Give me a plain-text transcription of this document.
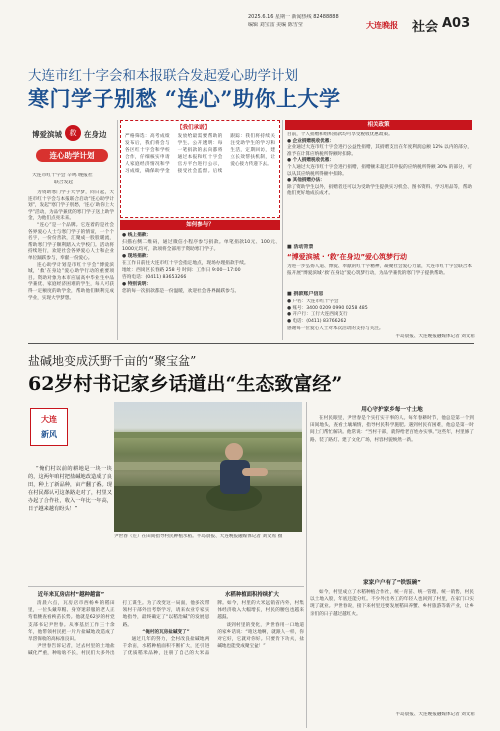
2025.6.16 星期一 新闻热线 82488888
编辑 刘宝雷 美编 陈雪莹	大连晚报	社会 A03
大连市红十字会和本报联合发起爱心助学计划
寒门学子别愁 “连心”助你上大学
博爱滨城	救	在身边
连心助学计划
大连市红十字会 辛鸣 晚报社
联合发起

为资助寒门学子大学梦，同日起，大连市红十字会与本报联合启动“连心助学计划”，发起“寒门学子别愁，‘连心’助你上大学”活动，为品学兼优的寒门学子送上助学金，为他们点亮未来。

“连心”是一个品牌。它连着的是社会各界爱心人士与寒门学子的情谊，一个个名字，一份份善款，汇聚成一股股暖流，帮助寒门学子顺利踏入大学校门。活动将持续进行，欢迎社会各界爱心人士和企业单位踊跃参与，奉献一份爱心。

连心助学计划是市红十字会“博爱滨城，‘救’在身边”爱心助学行动的重要项目。资助对象为本市应届高中毕业生中品学兼优、家庭经济困难的学生，每人可获得一定额度的助学金，帮助他们顺利完成学业，实现大学梦想。

【我们承诺】
严格筛选：高考成绩发布后，我们将会与各区红十字会和学校合作，仔细核实申请人家庭经济情况和学习成绩，确保助学金发放给最需要帮助的学生。公开透明：每一笔捐款的去向都将通过本报和红十字会官方平台进行公示，接受社会监督。后续跟踪：我们将持续关注受助学生的学习和生活，定期回访，建立长效帮扶机制，让爱心接力传递下去。
如何参与？
● 线上捐款：
扫描右侧二维码，通过微信小程序参与捐款。单笔捐款10元、100元、1000元均可，款项将全部用于资助寒门学子。
● 现场捐款：
在工作日前往大连市红十字会指定地点，现场办理捐款手续。
地址：西岗区长春路 258 号 时间：工作日 9:00－17:00
咨询电话：(0411) 83653266
● 特别说明：
您的每一次捐款都是一份温暖，欢迎社会各界踊跃参与。
相关政策

目前，个人捐赠和组织捐款均可享受税收优惠政策。

● 企业捐赠税收优惠：

企业通过大连市红十字会进行公益性捐赠，其捐赠支出在年度利润总额 12% 以内的部分，准予在计算应纳税所得额时扣除。

● 个人捐赠税收优惠：

个人通过大连市红十字会进行捐赠，捐赠额未超过其申报的应纳税所得额 30% 的部分，可以从其应纳税所得额中扣除。

● 其他捐赠办法：

除了资助学生以外，捐赠者还可以为受助学生提供实习机会、图书资料、学习用品等，帮助他们更好地成长成才。

■ 活动背景
“博爱滨城 · ‘救’在身边”爱心筑梦行动
为进一步弘扬人道、博爱、奉献的红十字精神，凝聚社会爱心力量，大连市红十字会联合本报开展“博爱滨城·‘救’在身边”爱心筑梦行动，为品学兼优的寒门学子提供帮助。
■ 捐款账户信息
● 户名：大连市红十字会
● 账号：3400 0209 0990 0258 485
● 开户行：工行大连西岗支行
● 电话：(0411) 83766262
感谢每一位爱心人士对本次活动的支持与关注。
半岛晨报、大连晚报融媒体记者 刘文希
盐碱地变成沃野千亩的“聚宝盆”
62岁村书记家乡话道出“生态致富经”
大连
新风
“俺们村以前的耕地是一块一块的，这两年咱村把盐碱地改造成了良田，种上了新品种，亩产翻了番。现在村民都认可这条路走对了，村里又办起了合作社，收入一年比一年高，日子越来越有盼头！”
尹世春（左）在田间指导村民种植水稻。半岛晨报、大连晚报融媒体记者 刘文希 摄
用心守护家乡每一寸土地
在村民眼里，尹世春是个实打实干事的人。每年春耕时节，他总是第一个到田间地头，查看土壤墒情，指导村民科学施肥。遇到村民有困难，他总是第一时间上门帮忙解决。他常说：“当村干部，就得给老百姓办实事。”这些年，村里修了路、装了路灯、建了文化广场，村容村貌焕然一新。
家家户户有了“铁饭碗”
如今，村里成立了水稻种植合作社，统一育苗、统一管理、统一销售，村民以土地入股，年底还能分红。不少外出务工的年轻人也回到了村里，在家门口实现了就业。尹世春说，接下来村里还要发展稻田养蟹、乡村旅游等新产业，让乡亲们的日子越过越红火。
半岛晨报、大连晚报融媒体记者 刘文希
近年来瓦房店村“越种越富”	水稻种植面积持续扩大

清晨六点，瓦房店市西杨乡的稻田里，一位头戴草帽、身穿迷彩服的老人正弯着腰查看秧苗长势。他就是62岁的村党支部书记尹世春。从事基层工作三十余年，他带领村民把一片片盐碱地改造成了旱涝保收的高标准良田。

尹世春告诉记者，过去村里的土地盐碱化严重，种啥啥不长，村民们大多外出打工谋生。为了改变这一局面，他多次带领村干部外出考察学习，请来农业专家实地指导，最终确定了“以稻治碱”的发展思路。

“俺村的瓦房盐碱变了”

通过几年的努力，全村改良盐碱地两千余亩，水稻种植面积不断扩大，还引进了优质稻米品种，注册了自己的大米品牌。如今，村里的大米远销省内外，村集体经济收入大幅增长，村民的腰包也越来越鼓。

谈到村里的变化，尹世春用一口地道的家乡话说：“咱这地啊，就跟人一样，你对它好，它就对你好。只要肯下功夫，盐碱地也能变成聚宝盆！”
